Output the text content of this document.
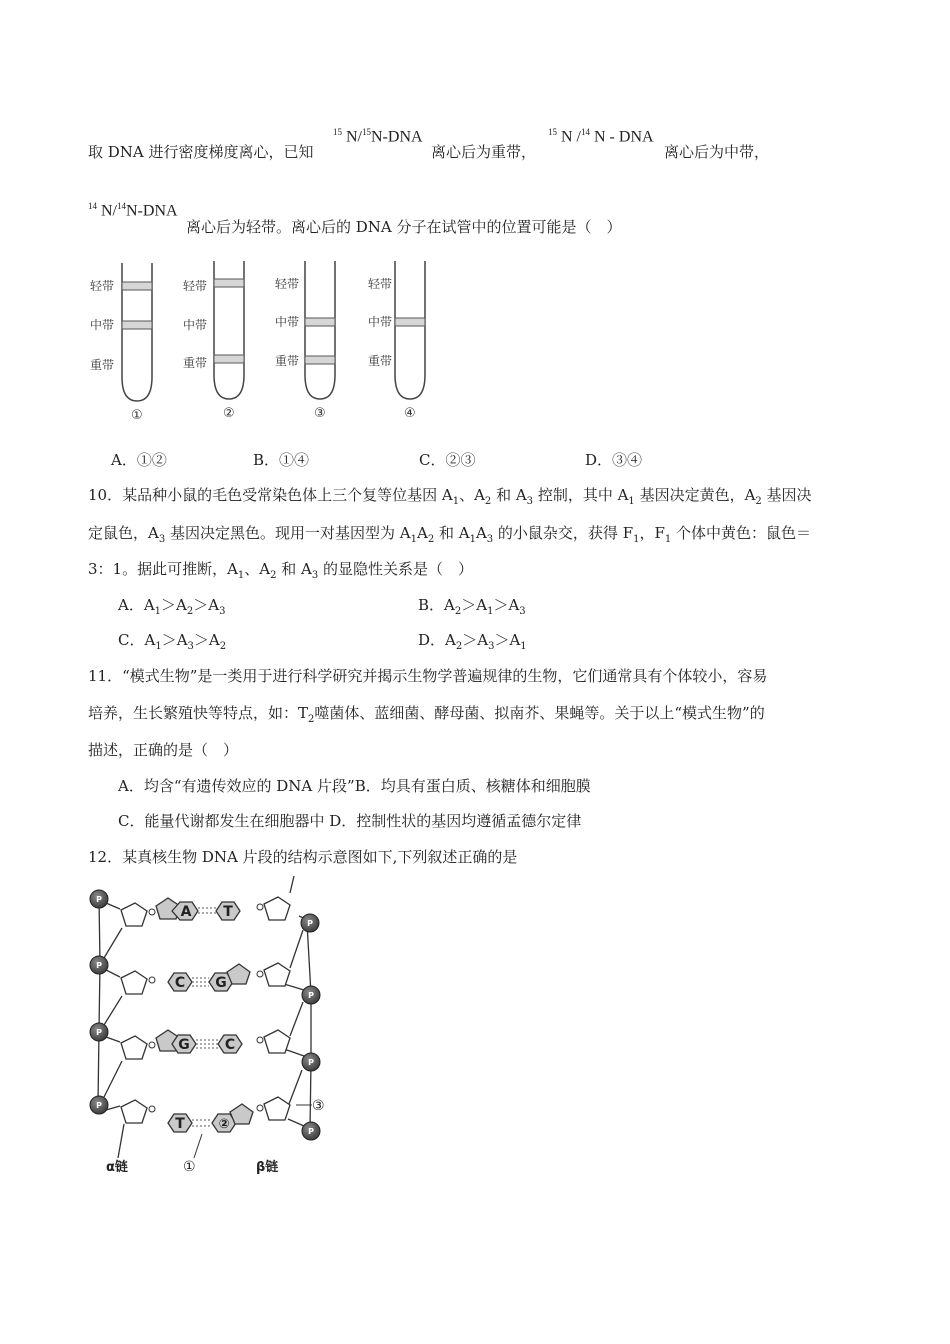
取 DNA 进行密度梯度离心，已知
$^{15}$ N/$^{15}$N-DNA
离心后为重带，
$^{15}$ N /$^{14}$ N - DNA
离心后为中带，
$^{14}$ N/$^{14}$N-DNA
离心后为轻带。离心后的 DNA 分子在试管中的位置可能是（　）
轻带
中带
重带
①
轻带
中带
重带
②
轻带
中带
重带
③
轻带
中带
重带
④
A．①②	B．①④	C．②③	D．③④
10．某品种小鼠的毛色受常染色体上三个复等位基因 $A_1$、$A_2$ 和 $A_3$ 控制，其中 $A_1$ 基因决定黄色，$A_2$ 基因决
定鼠色，$A_3$ 基因决定黑色。现用一对基因型为 $A_1A_2$ 和 $A_1A_3$ 的小鼠杂交，获得 $F_1$，$F_1$ 个体中黄色：鼠色＝
3：1。据此可推断，$A_1$、$A_2$ 和 $A_3$ 的显隐性关系是（　）
A．$A_1>A_2>A_3$	B．$A_2>A_1>A_3$
C．$A_1>A_3>A_2$	D．$A_2>A_3>A_1$
11．“模式生物”是一类用于进行科学研究并揭示生物学普遍规律的生物，它们通常具有个体较小，容易
培养，生长繁殖快等特点，如：$T_2$噬菌体、蓝细菌、酵母菌、拟南芥、果蝇等。关于以上“模式生物”的
描述，正确的是（　）
A．均含“有遗传效应的 DNA 片段”B．均具有蛋白质、核糖体和细胞膜
C．能量代谢都发生在细胞器中 D．控制性状的基因均遵循孟德尔定律
12．某真核生物 DNA 片段的结构示意图如下,下列叙述正确的是
A T
C G
G	C
T	②
P
P
P
P
P
P
P
P
①
③
α链	β链
